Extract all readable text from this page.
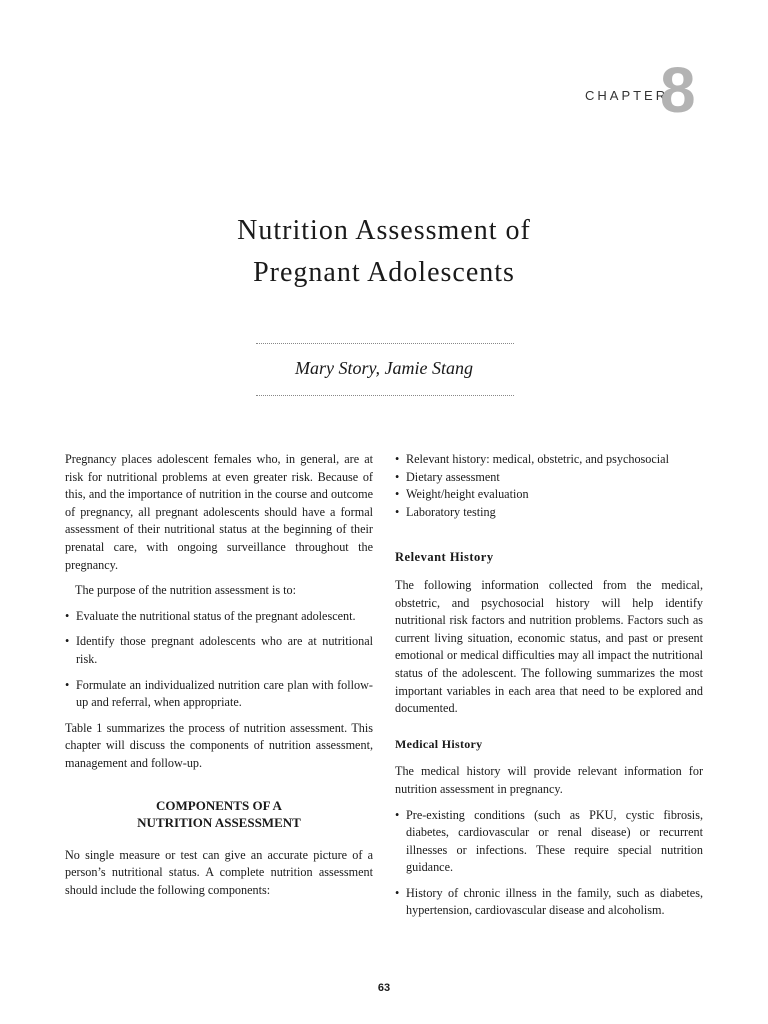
CHAPTER
8
Nutrition Assessment of
Pregnant Adolescents
Mary Story, Jamie Stang

Pregnancy places adolescent females who, in general, are at risk for nutritional problems at even greater risk. Because of this, and the importance of nutrition in the course and outcome of pregnancy, all pregnant adolescents should have a formal assessment of their nutritional status at the beginning of their prenatal care, with ongoing surveillance throughout the pregnancy.

The purpose of the nutrition assessment is to:

• Evaluate the nutritional status of the pregnant adolescent.
• Identify those pregnant adolescents who are at nutritional risk.
• Formulate an individualized nutrition care plan with follow-up and referral, when appropriate.

Table 1 summarizes the process of nutrition assessment. This chapter will discuss the components of nutrition assessment, management and follow-up.

COMPONENTS OF A
NUTRITION ASSESSMENT

No single measure or test can give an accurate picture of a person’s nutritional status. A complete nutrition assessment should include the following components:

• Relevant history: medical, obstetric, and psychosocial
• Dietary assessment
• Weight/height evaluation
• Laboratory testing
Relevant History

The following information collected from the medical, obstetric, and psychosocial history will help identify nutritional risk factors and nutrition problems. Factors such as current living situation, economic status, and past or present emotional or medical difficulties may all impact the nutritional status of the adolescent. The following summarizes the most important variables in each area that need to be explored and documented.

Medical History

The medical history will provide relevant information for nutrition assessment in pregnancy.

• Pre-existing conditions (such as PKU, cystic fibrosis, diabetes, cardiovascular or renal disease) or recurrent illnesses or infections. These require special nutrition guidance.
• History of chronic illness in the family, such as diabetes, hypertension, cardiovascular disease and alcoholism.
63
